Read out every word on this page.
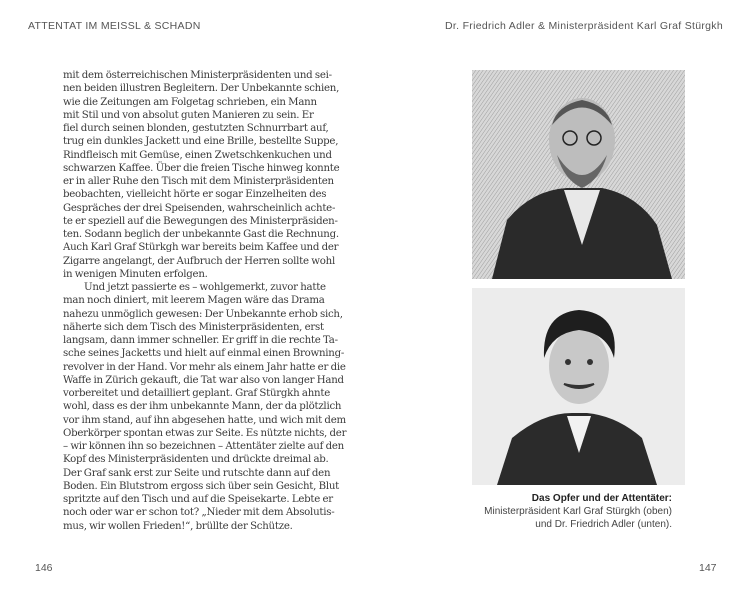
ATTENTAT IM MEISSL & SCHADN	Dr. Friedrich Adler & Ministerpräsident Karl Graf Stürgkh
mit dem österreichischen Ministerpräsidenten und sei-
nen beiden illustren Begleitern. Der Unbekannte schien,
wie die Zeitungen am Folgetag schrieben, ein Mann
mit Stil und von absolut guten Manieren zu sein. Er
fiel durch seinen blonden, gestutzten Schnurrbart auf,
trug ein dunkles Jackett und eine Brille, bestellte Suppe,
Rindfleisch mit Gemüse, einen Zwetschkenkuchen und
schwarzen Kaffee. Über die freien Tische hinweg konnte
er in aller Ruhe den Tisch mit dem Ministerpräsidenten
beobachten, vielleicht hörte er sogar Einzelheiten des
Gespräches der drei Speisenden, wahrscheinlich achte-
te er speziell auf die Bewegungen des Ministerpräsiden-
ten. Sodann beglich der unbekannte Gast die Rechnung.
Auch Karl Graf Stürkgh war bereits beim Kaffee und der
Zigarre angelangt, der Aufbruch der Herren sollte wohl
in wenigen Minuten erfolgen.
Und jetzt passierte es – wohlgemerkt, zuvor hatte
man noch diniert, mit leerem Magen wäre das Drama
nahezu unmöglich gewesen: Der Unbekannte erhob sich,
näherte sich dem Tisch des Ministerpräsidenten, erst
langsam, dann immer schneller. Er griff in die rechte Ta-
sche seines Jacketts und hielt auf einmal einen Browning-
revolver in der Hand. Vor mehr als einem Jahr hatte er die
Waffe in Zürich gekauft, die Tat war also von langer Hand
vorbereitet und detailliert geplant. Graf Stürgkh ahnte
wohl, dass es der ihm unbekannte Mann, der da plötzlich
vor ihm stand, auf ihn abgesehen hatte, und wich mit dem
Oberkörper spontan etwas zur Seite. Es nützte nichts, der
– wir können ihn so bezeichnen – Attentäter zielte auf den
Kopf des Ministerpräsidenten und drückte dreimal ab.
Der Graf sank erst zur Seite und rutschte dann auf den
Boden. Ein Blutstrom ergoss sich über sein Gesicht, Blut
spritzte auf den Tisch und auf die Speisekarte. Lebte er
noch oder war er schon tot? „Nieder mit dem Absolutis-
mus, wir wollen Frieden!“, brüllte der Schütze.
146
Das Opfer und der Attentäter:
Ministerpräsident Karl Graf Stürgkh (oben)
und Dr. Friedrich Adler (unten).
147
